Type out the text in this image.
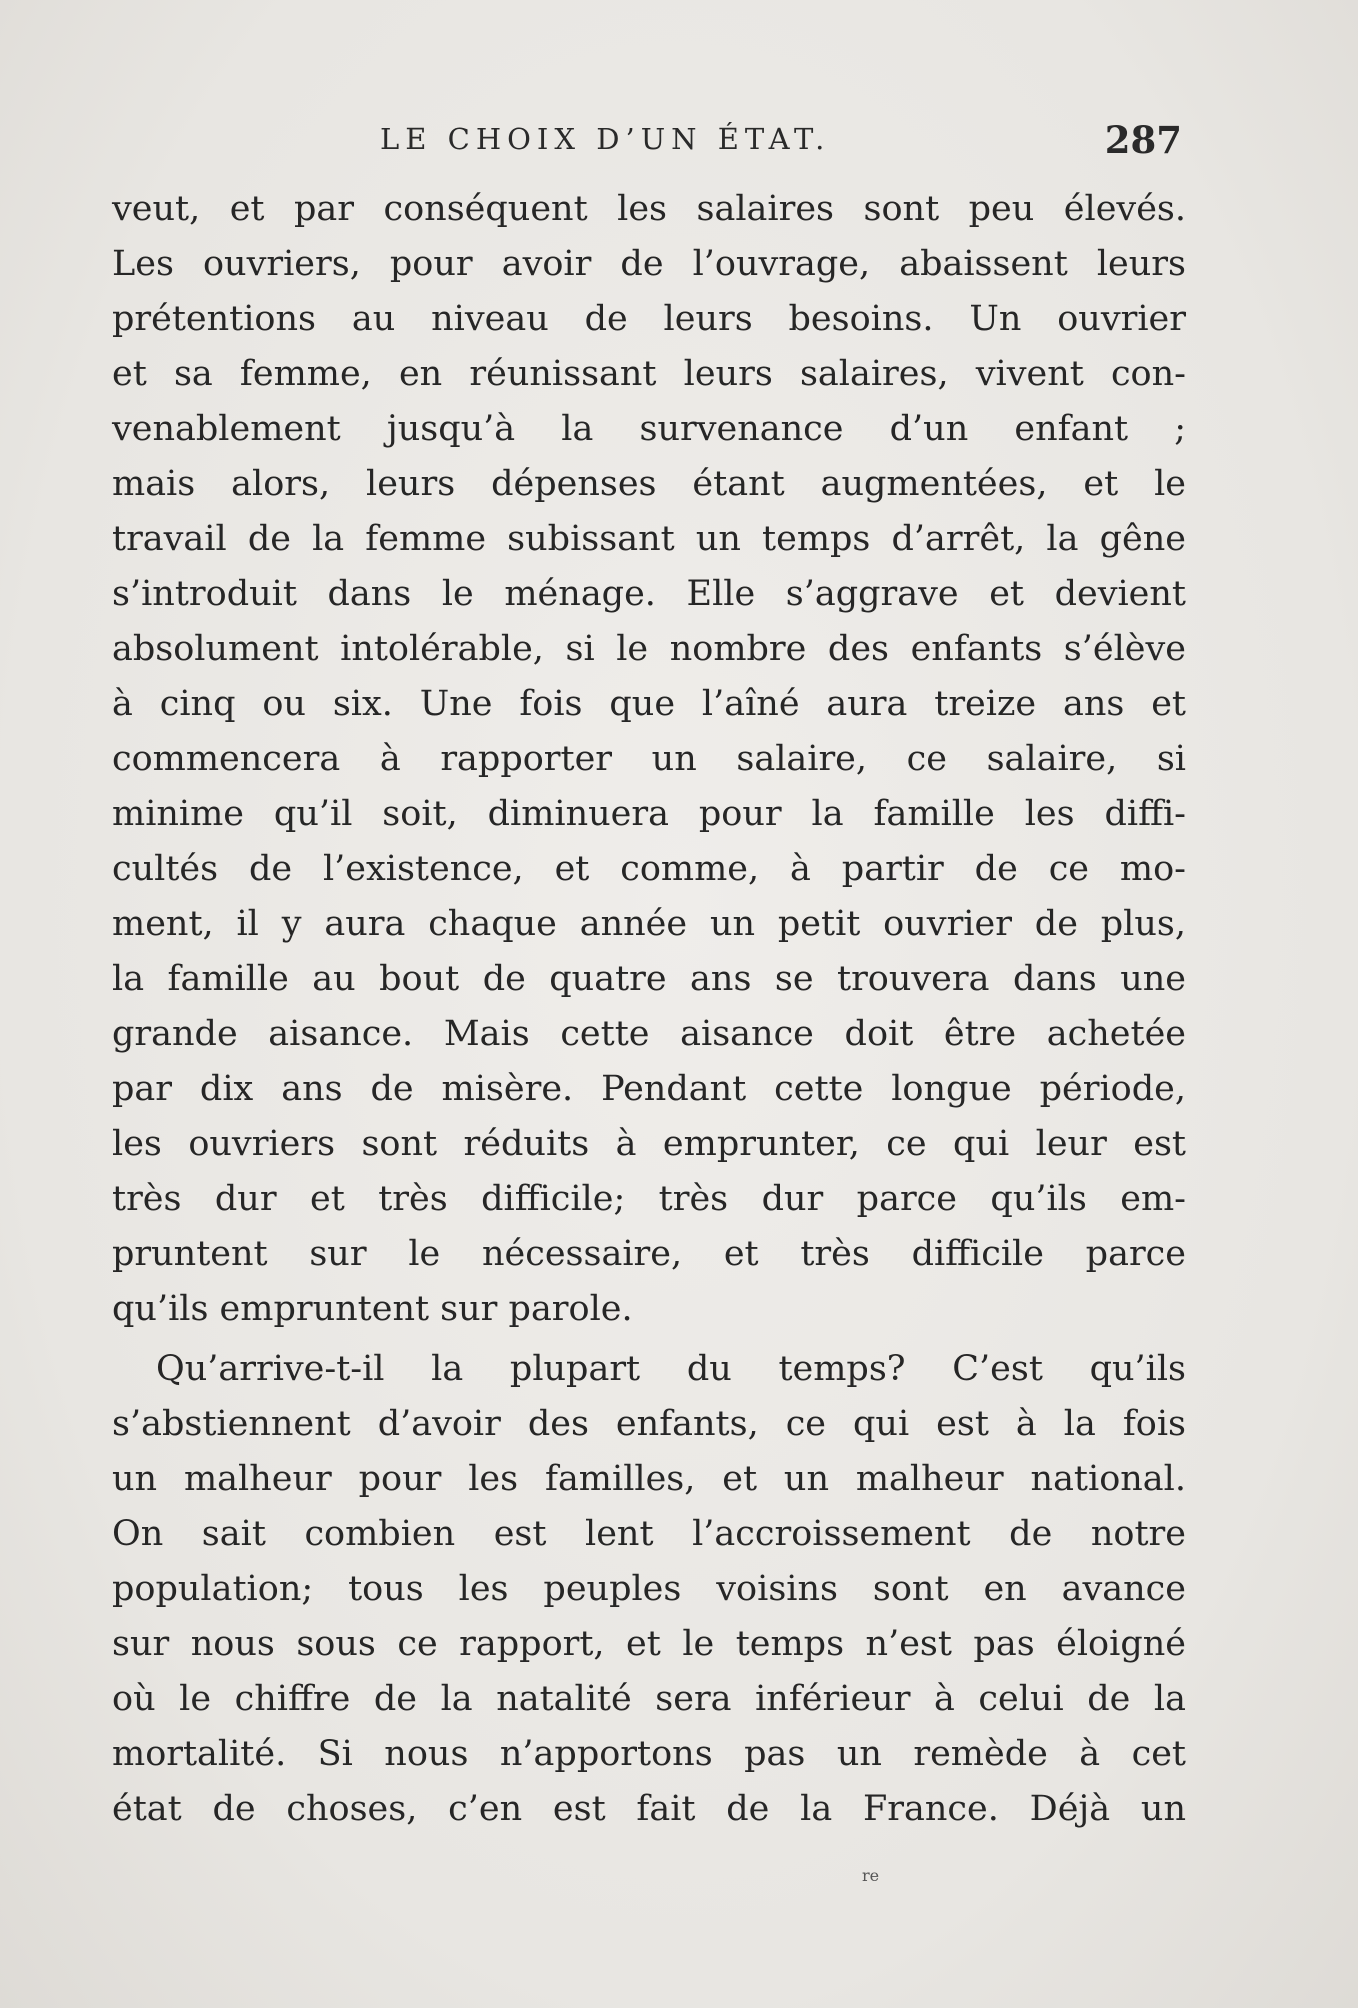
LE CHOIX D’UN ÉTAT.	287
veut, et par conséquent les salaires sont peu élevés.
Les ouvriers, pour avoir de l’ouvrage, abaissent leurs
prétentions au niveau de leurs besoins. Un ouvrier
et sa femme, en réunissant leurs salaires, vivent con-
venablement jusqu’à la survenance d’un enfant ;
mais alors, leurs dépenses étant augmentées, et le
travail de la femme subissant un temps d’arrêt, la gêne
s’introduit dans le ménage. Elle s’aggrave et devient
absolument intolérable, si le nombre des enfants s’élève
à cinq ou six. Une fois que l’aîné aura treize ans et
commencera à rapporter un salaire, ce salaire, si
minime qu’il soit, diminuera pour la famille les diffi-
cultés de l’existence, et comme, à partir de ce mo-
ment, il y aura chaque année un petit ouvrier de plus,
la famille au bout de quatre ans se trouvera dans une
grande aisance. Mais cette aisance doit être achetée
par dix ans de misère. Pendant cette longue période,
les ouvriers sont réduits à emprunter, ce qui leur est
très dur et très difficile; très dur parce qu’ils em-
pruntent sur le nécessaire, et très difficile parce
qu’ils empruntent sur parole.
Qu’arrive-t-il la plupart du temps? C’est qu’ils
s’abstiennent d’avoir des enfants, ce qui est à la fois
un malheur pour les familles, et un malheur national.
On sait combien est lent l’accroissement de notre
population; tous les peuples voisins sont en avance
sur nous sous ce rapport, et le temps n’est pas éloigné
où le chiffre de la natalité sera inférieur à celui de la
mortalité. Si nous n’apportons pas un remède à cet
état de choses, c’en est fait de la France. Déjà un
re
